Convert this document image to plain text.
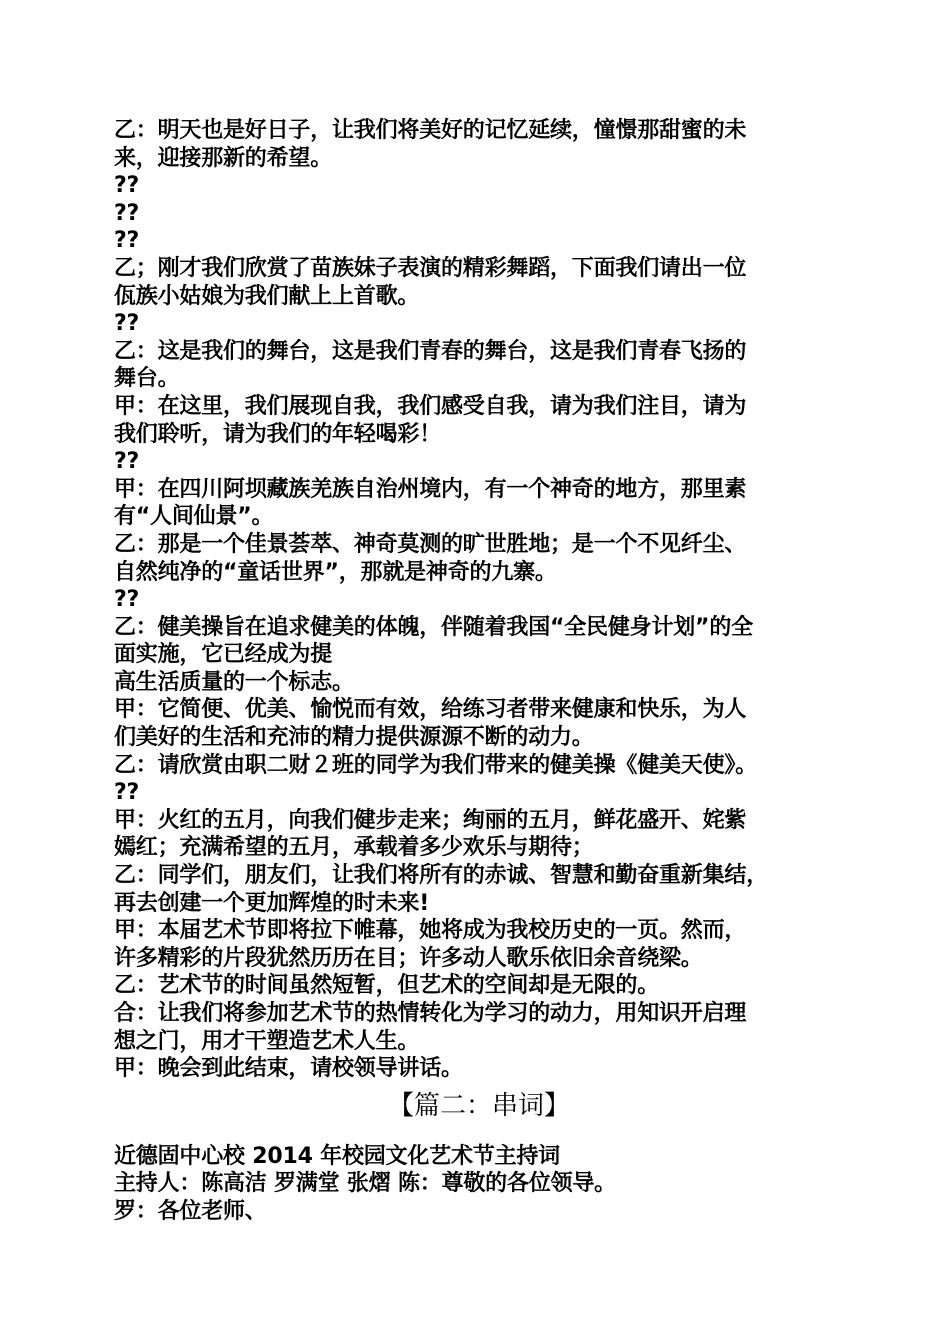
乙：明天也是好日子，让我们将美好的记忆延续，憧憬那甜蜜的未
来，迎接那新的希望。
??
??
??
乙；刚才我们欣赏了苗族妹子表演的精彩舞蹈，下面我们请出一位
佤族小姑娘为我们献上上首歌。
??
乙：这是我们的舞台，这是我们青春的舞台，这是我们青春飞扬的
舞台。
甲：在这里，我们展现自我，我们感受自我，请为我们注目，请为
我们聆听，请为我们的年轻喝彩！
??
甲：在四川阿坝藏族羌族自治州境内，有一个神奇的地方，那里素
有“人间仙景”。
乙：那是一个佳景荟萃、神奇莫测的旷世胜地；是一个不见纤尘、
自然纯净的“童话世界”，那就是神奇的九寨。
??
乙：健美操旨在追求健美的体魄，伴随着我国“全民健身计划”的全
面实施，它已经成为提
高生活质量的一个标志。
甲：它简便、优美、愉悦而有效，给练习者带来健康和快乐，为人
们美好的生活和充沛的精力提供源源不断的动力。
乙：请欣赏由职二财２班的同学为我们带来的健美操《健美天使》。
??
甲：火红的五月，向我们健步走来；绚丽的五月，鲜花盛开、姹紫
嫣红；充满希望的五月，承载着多少欢乐与期待；
乙：同学们，朋友们，让我们将所有的赤诚、智慧和勤奋重新集结，
再去创建一个更加辉煌的时未来!
甲：本届艺术节即将拉下帷幕，她将成为我校历史的一页。然而，
许多精彩的片段犹然历历在目；许多动人歌乐依旧余音绕梁。
乙：艺术节的时间虽然短暂，但艺术的空间却是无限的。
合：让我们将参加艺术节的热情转化为学习的动力，用知识开启理
想之门，用才干塑造艺术人生。
甲：晚会到此结束，请校领导讲话。
【篇二：串词】
近德固中心校 2014 年校园文化艺术节主持词
主持人：陈高洁 罗满堂 张熠 陈：尊敬的各位领导。
罗：各位老师、
